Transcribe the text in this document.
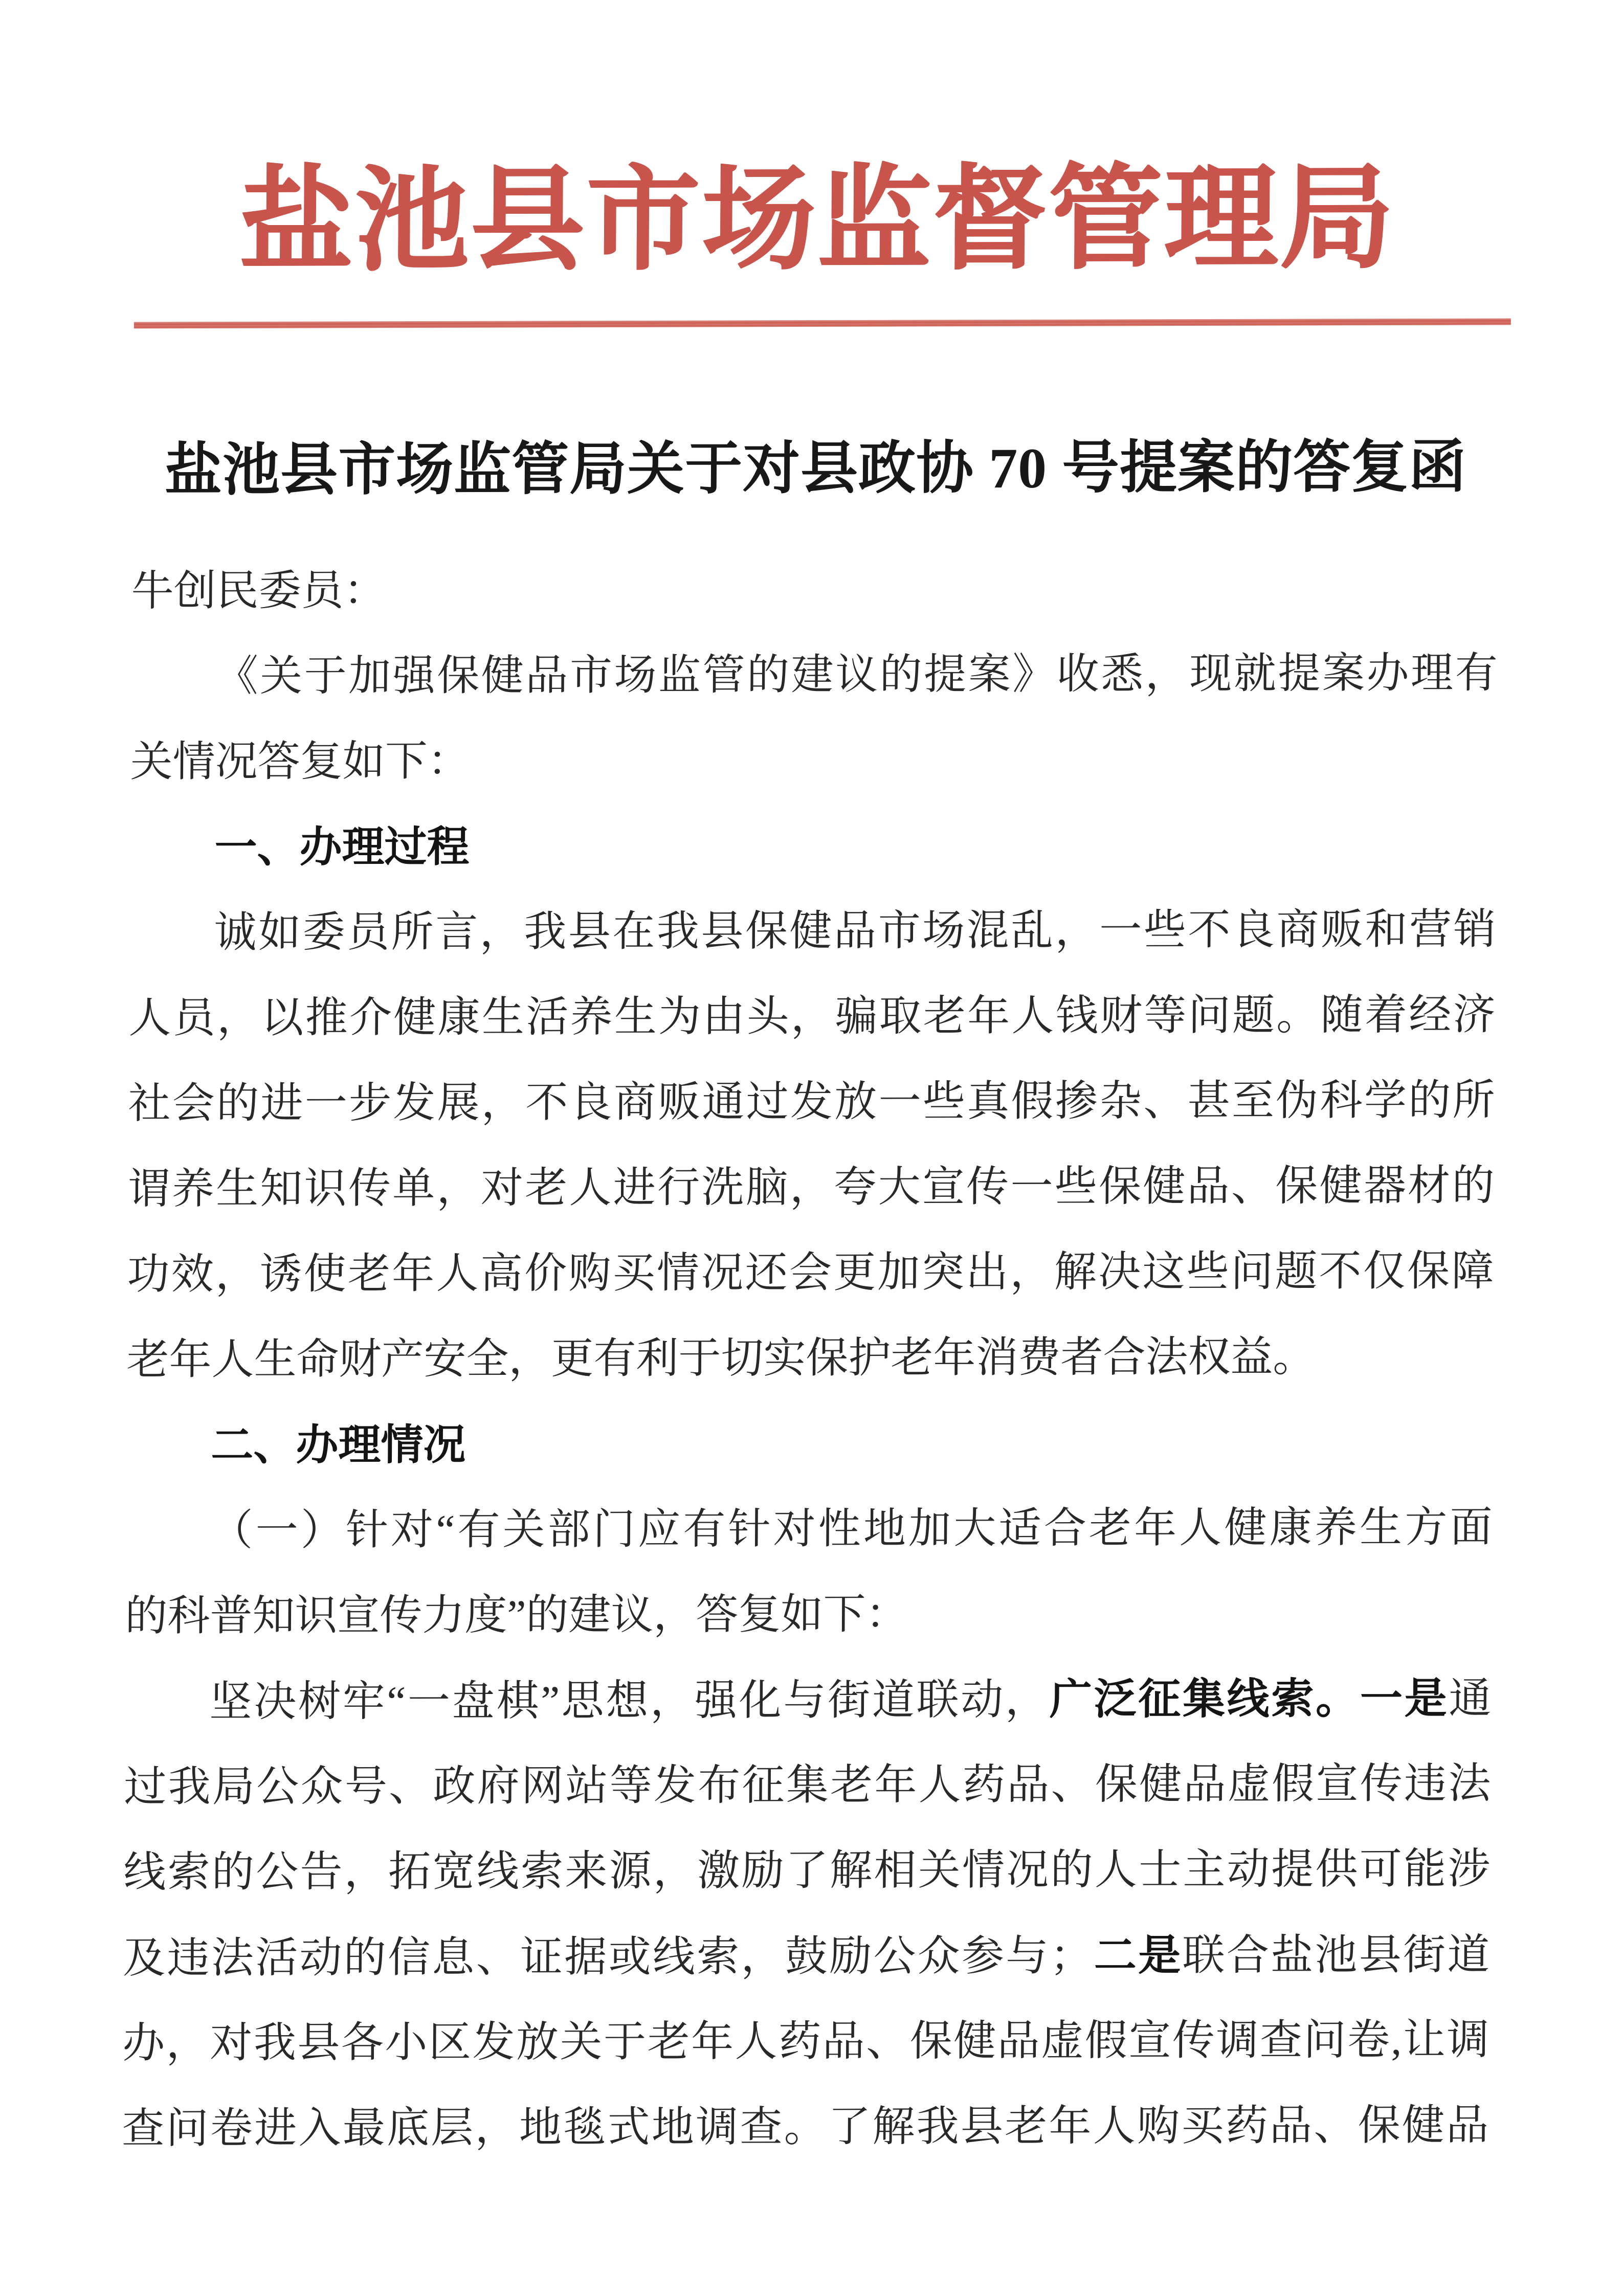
盐池县市场监督管理局
盐池县市场监管局关于对县政协 70 号提案的答复函
牛创民委员：
《关于加强保健品市场监管的建议的提案》收悉，现就提案办理有
关情况答复如下：
一、办理过程
诚如委员所言，我县在我县保健品市场混乱，一些不良商贩和营销
人员，以推介健康生活养生为由头，骗取老年人钱财等问题。随着经济
社会的进一步发展，不良商贩通过发放一些真假掺杂、甚至伪科学的所
谓养生知识传单，对老人进行洗脑，夸大宣传一些保健品、保健器材的
功效，诱使老年人高价购买情况还会更加突出，解决这些问题不仅保障
老年人生命财产安全，更有利于切实保护老年消费者合法权益。
二、办理情况
（一）针对“有关部门应有针对性地加大适合老年人健康养生方面
的科普知识宣传力度”的建议，答复如下：
坚决树牢“一盘棋”思想，强化与街道联动，广泛征集线索。一是通
过我局公众号、政府网站等发布征集老年人药品、保健品虚假宣传违法
线索的公告，拓宽线索来源，激励了解相关情况的人士主动提供可能涉
及违法活动的信息、证据或线索，鼓励公众参与；二是联合盐池县街道
办，对我县各小区发放关于老年人药品、保健品虚假宣传调查问卷,让调
查问卷进入最底层，地毯式地调查。了解我县老年人购买药品、保健品
